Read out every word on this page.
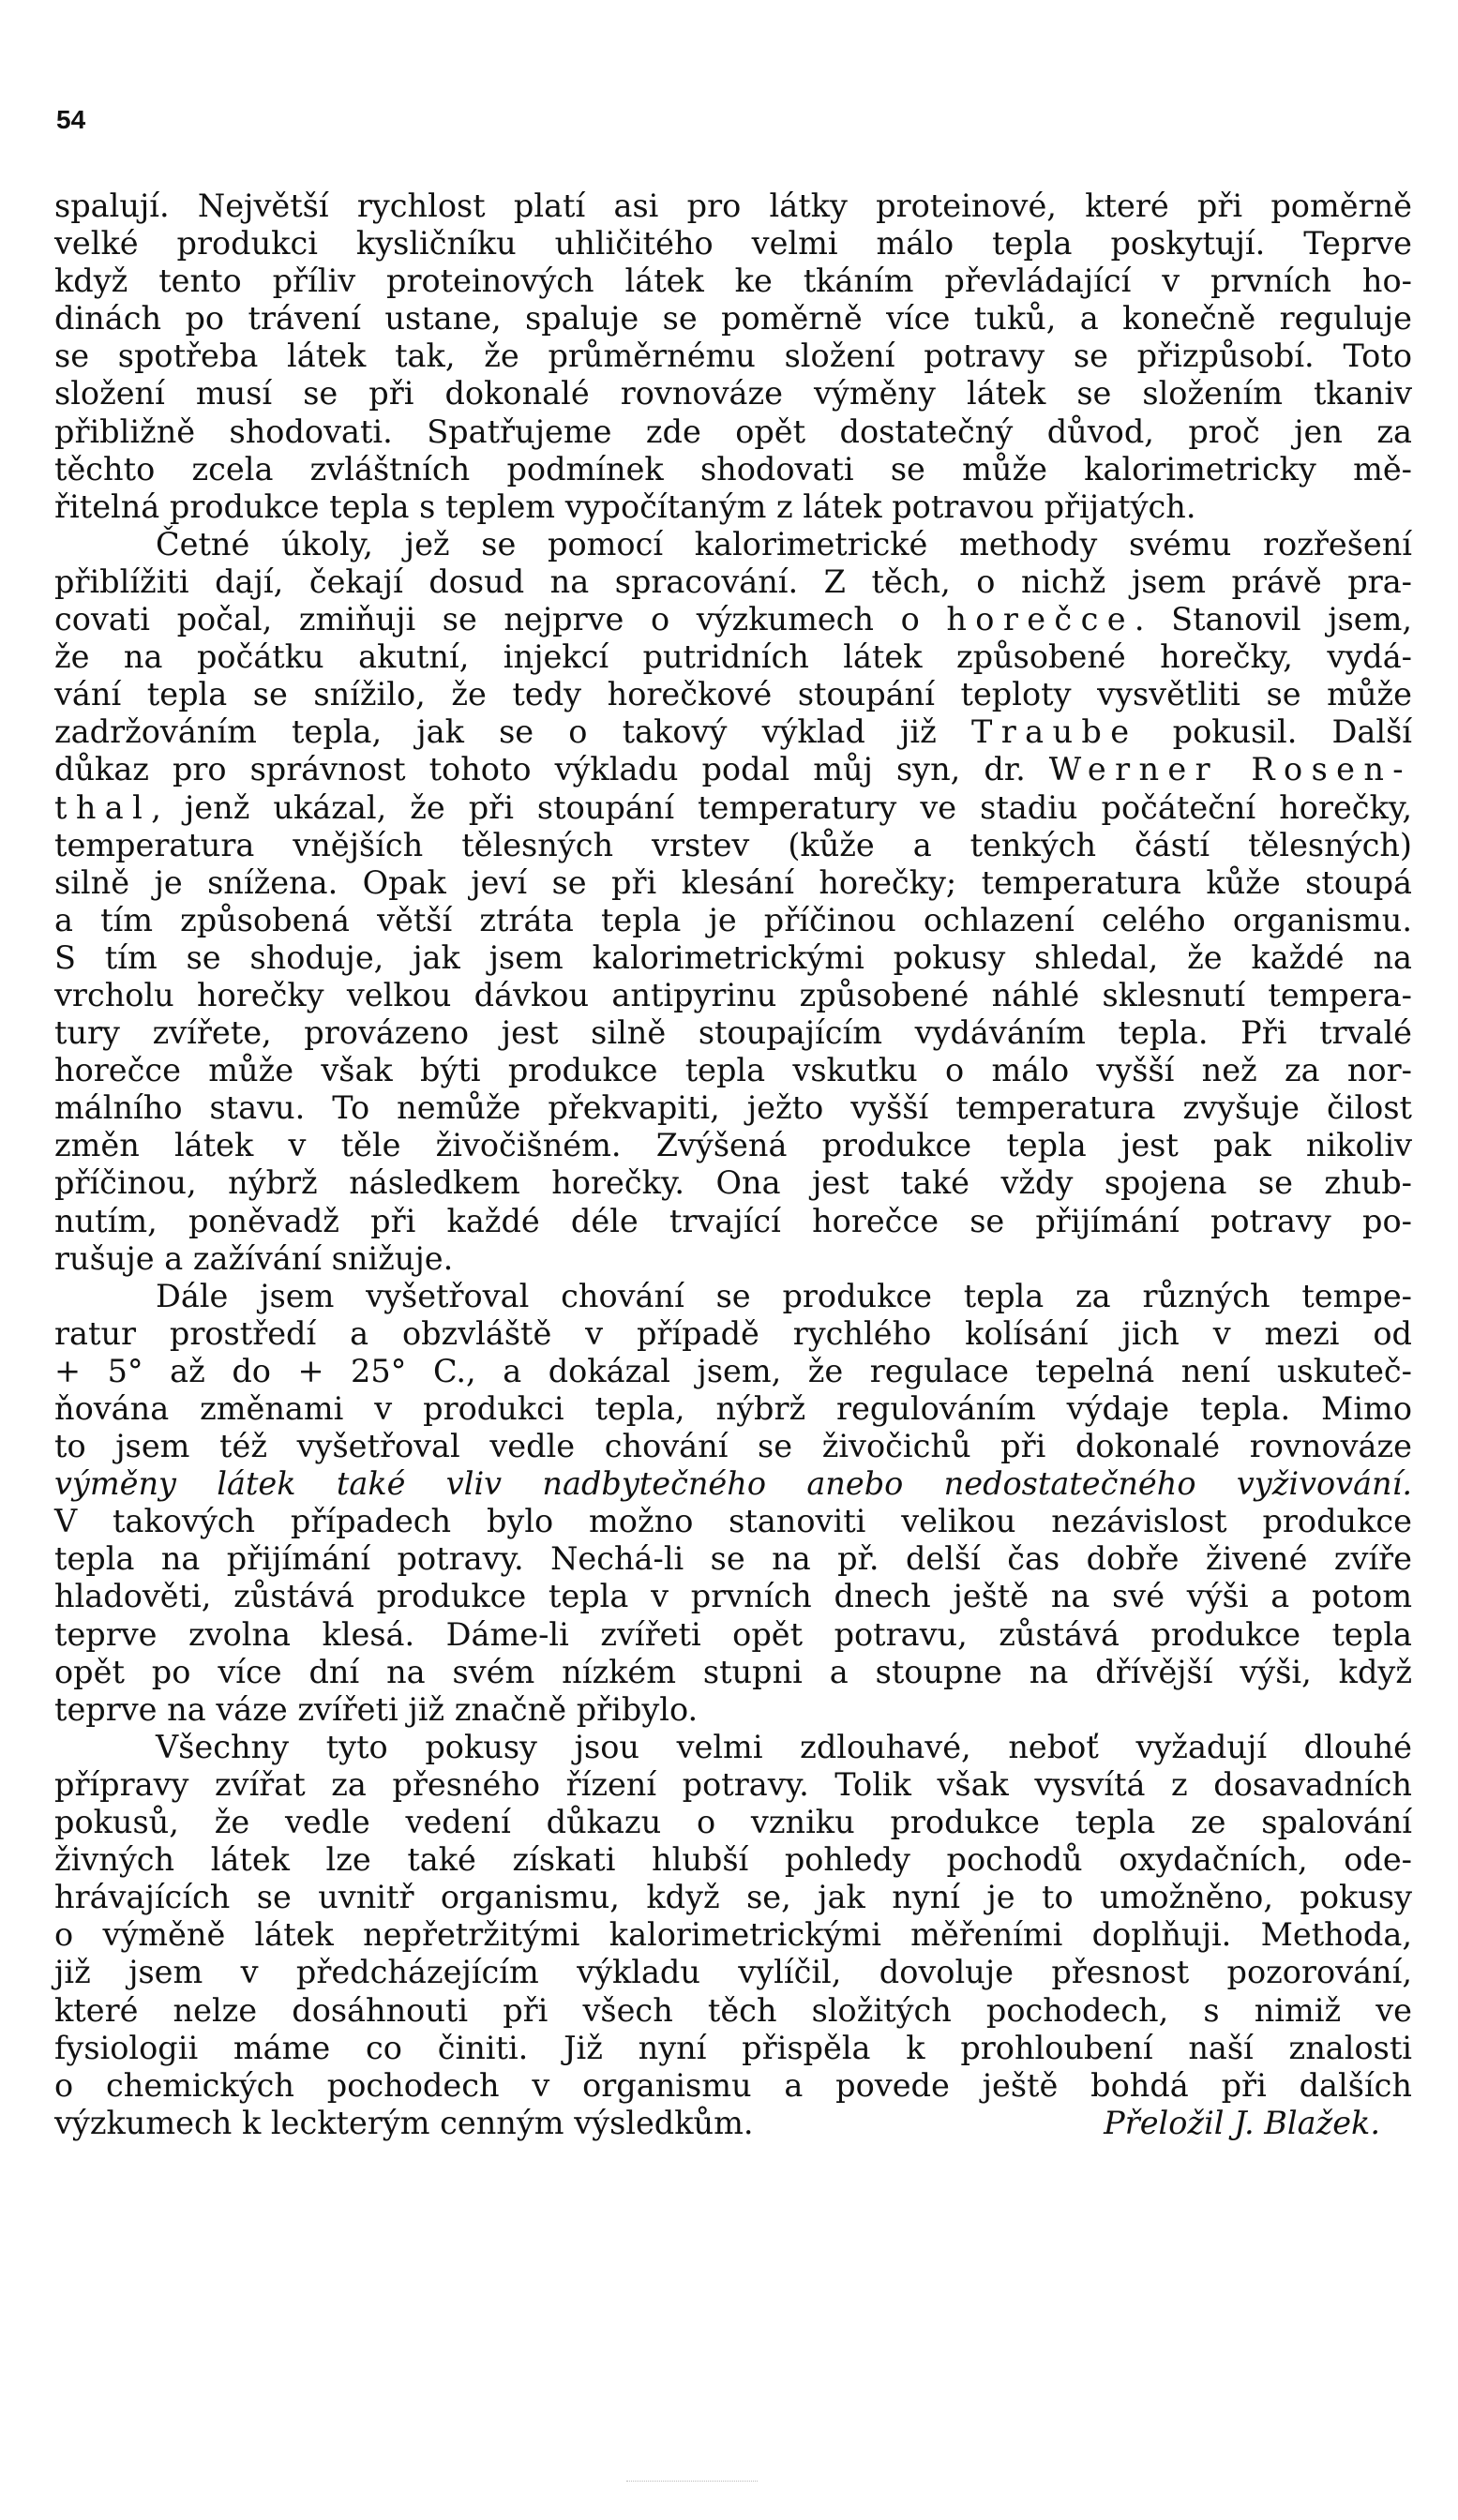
54
spalují. Největší rychlost platí asi pro látky proteinové, které při poměrně
velké produkci kysličníku uhličitého velmi málo tepla poskytují. Teprve
když tento příliv proteinových látek ke tkáním převládající v prvních ho-
dinách po trávení ustane, spaluje se poměrně více tuků, a konečně reguluje
se spotřeba látek tak, že průměrnému složení potravy se přizpůsobí. Toto
složení musí se při dokonalé rovnováze výměny látek se složením tkaniv
přibližně shodovati. Spatřujeme zde opět dostatečný důvod, proč jen za
těchto zcela zvláštních podmínek shodovati se může kalorimetricky mě-
řitelná produkce tepla s teplem vypočítaným z látek potravou přijatých.
Četné úkoly, jež se pomocí kalorimetrické methody svému rozřešení
přiblížiti dají, čekají dosud na spracování. Z těch, o nichž jsem právě pra-
covati počal, zmiňuji se nejprve o výzkumech o horečce. Stanovil jsem,
že na počátku akutní, injekcí putridních látek způsobené horečky, vydá-
vání tepla se snížilo, že tedy horečkové stoupání teploty vysvětliti se může
zadržováním tepla, jak se o takový výklad již Traube pokusil. Další
důkaz pro správnost tohoto výkladu podal můj syn, dr. Werner Rosen-
thal, jenž ukázal, že při stoupání temperatury ve stadiu počáteční horečky,
temperatura vnějších tělesných vrstev (kůže a tenkých částí tělesných)
silně je snížena. Opak jeví se při klesání horečky; temperatura kůže stoupá
a tím způsobená větší ztráta tepla je příčinou ochlazení celého organismu.
S tím se shoduje, jak jsem kalorimetrickými pokusy shledal, že každé na
vrcholu horečky velkou dávkou antipyrinu způsobené náhlé sklesnutí tempera-
tury zvířete, provázeno jest silně stoupajícím vydáváním tepla. Při trvalé
horečce může však býti produkce tepla vskutku o málo vyšší než za nor-
málního stavu. To nemůže překvapiti, ježto vyšší temperatura zvyšuje čilost
změn látek v těle živočišném. Zvýšená produkce tepla jest pak nikoliv
příčinou, nýbrž následkem horečky. Ona jest také vždy spojena se zhub-
nutím, poněvadž při každé déle trvající horečce se přijímání potravy po-
rušuje a zažívání snižuje.
Dále jsem vyšetřoval chování se produkce tepla za různých tempe-
ratur prostředí a obzvláště v případě rychlého kolísání jich v mezi od
+ 5° až do + 25° C., a dokázal jsem, že regulace tepelná není uskuteč-
ňována změnami v produkci tepla, nýbrž regulováním výdaje tepla. Mimo
to jsem též vyšetřoval vedle chování se živočichů při dokonalé rovnováze
výměny látek také vliv nadbytečného anebo nedostatečného vyživování.
V takových případech bylo možno stanoviti velikou nezávislost produkce
tepla na přijímání potravy. Nechá-li se na př. delší čas dobře živené zvíře
hladověti, zůstává produkce tepla v prvních dnech ještě na své výši a potom
teprve zvolna klesá. Dáme-li zvířeti opět potravu, zůstává produkce tepla
opět po více dní na svém nízkém stupni a stoupne na dřívější výši, když
teprve na váze zvířeti již značně přibylo.
Všechny tyto pokusy jsou velmi zdlouhavé, neboť vyžadují dlouhé
přípravy zvířat za přesného řízení potravy. Tolik však vysvítá z dosavadních
pokusů, že vedle vedení důkazu o vzniku produkce tepla ze spalování
živných látek lze také získati hlubší pohledy pochodů oxydačních, ode-
hrávajících se uvnitř organismu, když se, jak nyní je to umožněno, pokusy
o výměně látek nepřetržitými kalorimetrickými měřeními doplňuji. Methoda,
již jsem v předcházejícím výkladu vylíčil, dovoluje přesnost pozorování,
které nelze dosáhnouti při všech těch složitých pochodech, s nimiž ve
fysiologii máme co činiti. Již nyní přispěla k prohloubení naší znalosti
o chemických pochodech v organismu a povede ještě bohdá při dalších
výzkumech k leckterým cenným výsledkům.	Přeložil J. Blažek.
